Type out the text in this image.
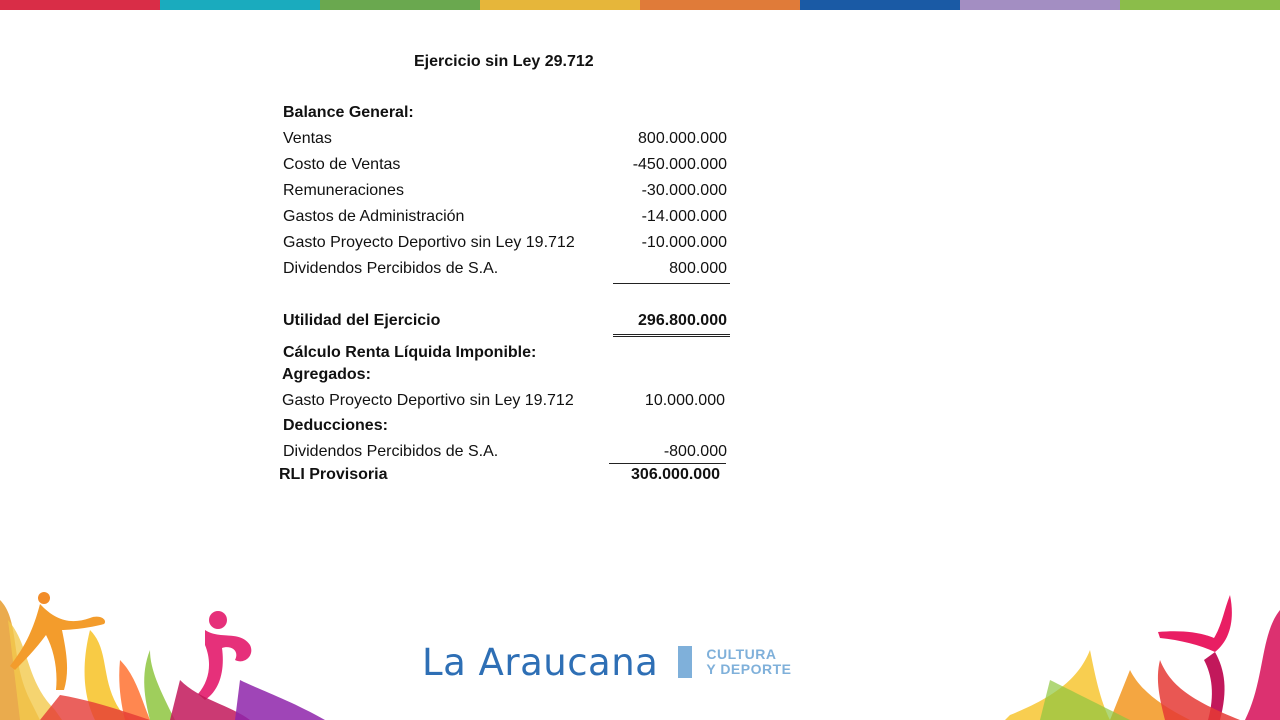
Ejercicio sin Ley 29.712
Balance General:
Ventas	800.000.000
Costo de Ventas	-450.000.000
Remuneraciones	-30.000.000
Gastos de Administración	-14.000.000
Gasto Proyecto Deportivo sin Ley 19.712	-10.000.000
Dividendos Percibidos de S.A.	800.000
Utilidad del Ejercicio	296.800.000
Cálculo Renta Líquida Imponible:
Agregados:
Gasto Proyecto Deportivo sin Ley 19.712	10.000.000
Deducciones:
Dividendos Percibidos de S.A.	-800.000
RLI Provisoria	306.000.000
La Araucana	CULTURA
Y DEPORTE
